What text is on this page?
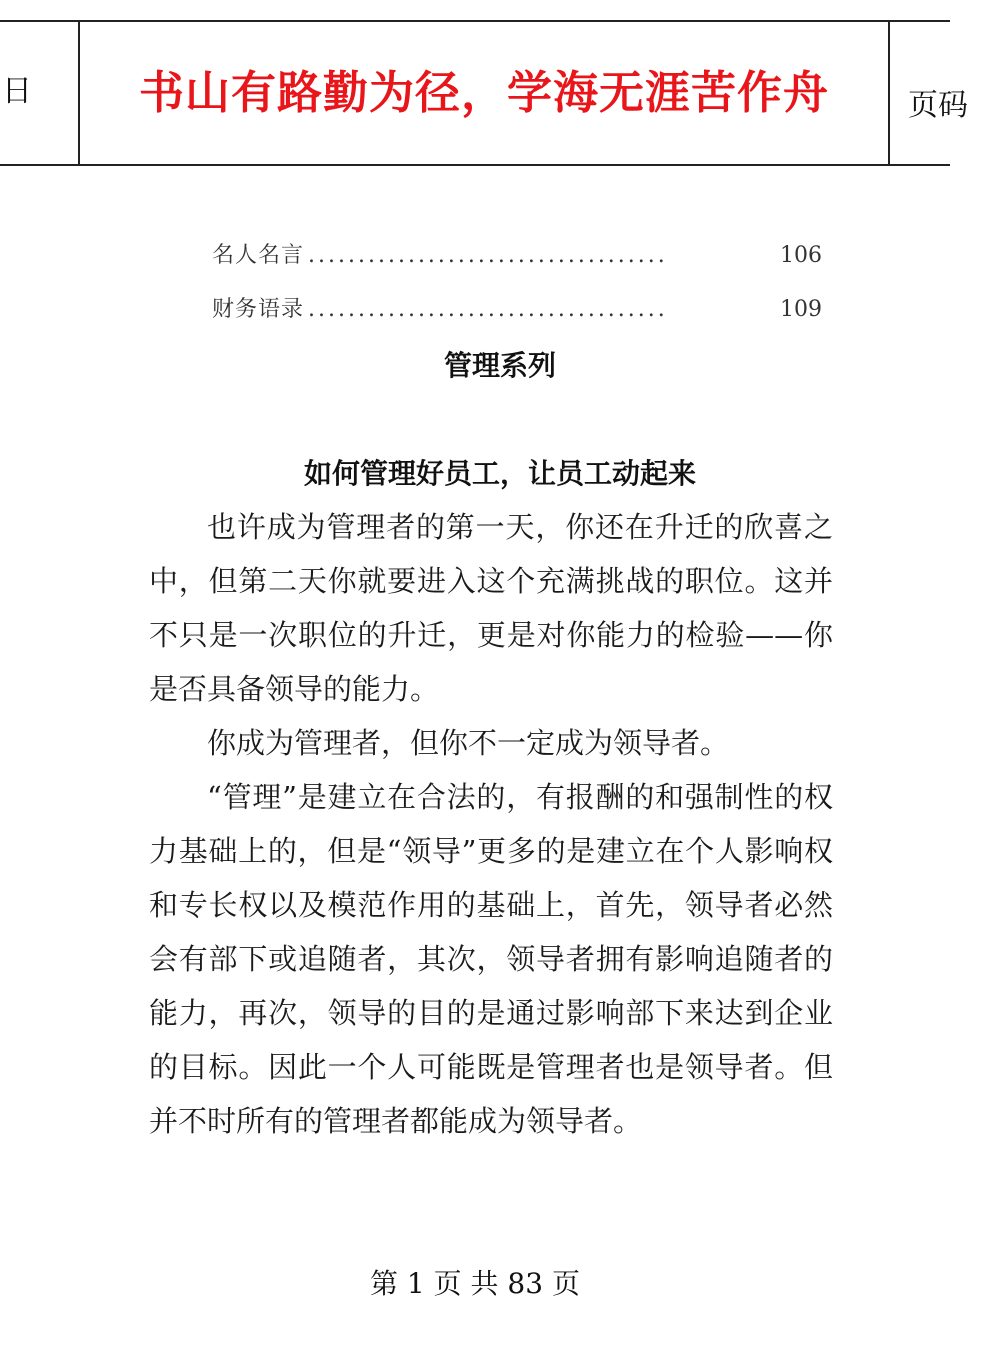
日 书山有路勤为径，学海无涯苦作舟	页码
名人名言 ....................................	106
财务语录 ....................................	109
管理系列
如何管理好员工，让员工动起来

也许成为管理者的第一天，你还在升迁的欣喜之中，但第二天你就要进入这个充满挑战的职位。这并不只是一次职位的升迁，更是对你能力的检验——你是否具备领导的能力。

你成为管理者，但你不一定成为领导者。

“管理”是建立在合法的，有报酬的和强制性的权力基础上的，但是“领导”更多的是建立在个人影响权和专长权以及模范作用的基础上，首先，领导者必然会有部下或追随者，其次，领导者拥有影响追随者的能力，再次，领导的目的是通过影响部下来达到企业的目标。因此一个人可能既是管理者也是领导者。但并不时所有的管理者都能成为领导者。

第 1 页 共 83 页
